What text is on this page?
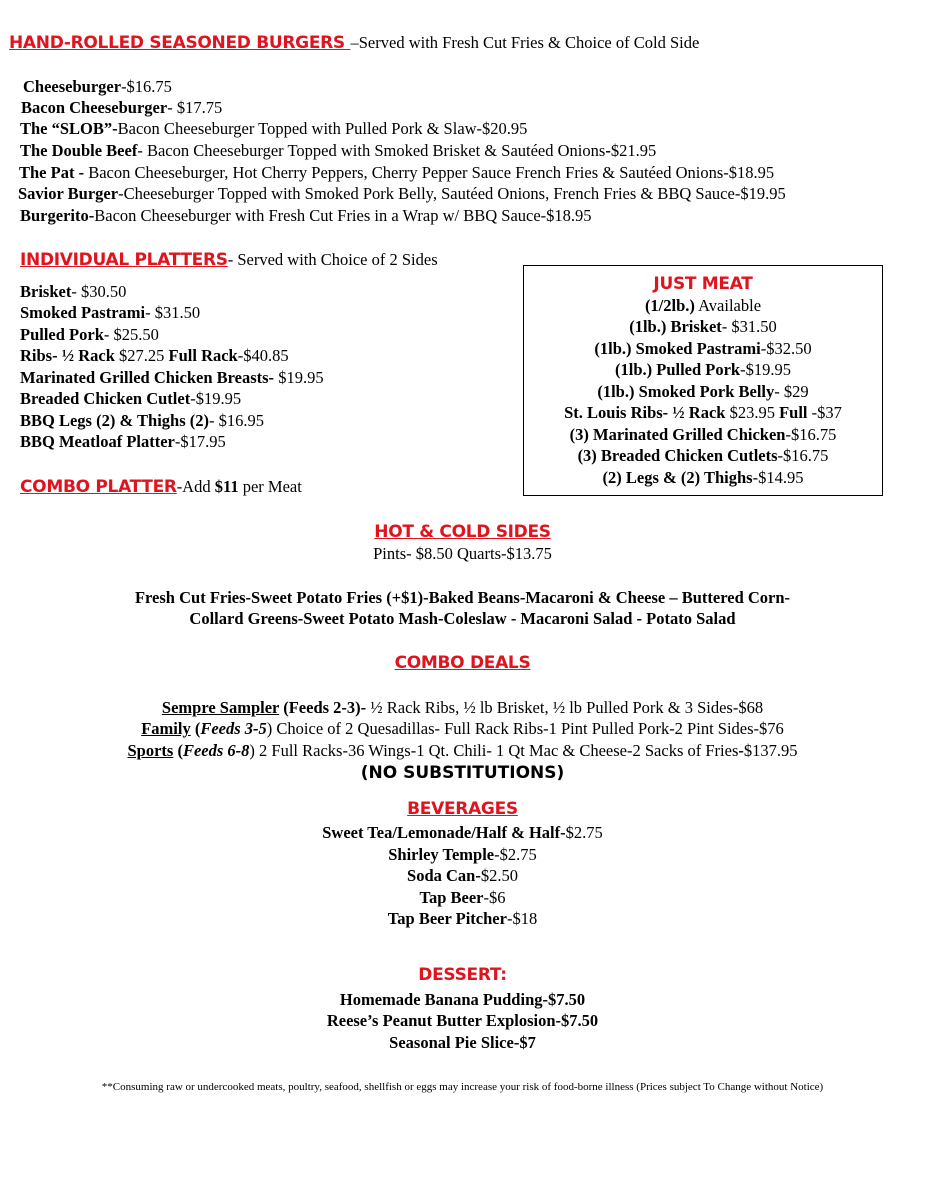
HAND-ROLLED SEASONED BURGERS –Served with Fresh Cut Fries & Choice of Cold Side
Cheeseburger-$16.75
Bacon Cheeseburger- $17.75
The “SLOB”-Bacon Cheeseburger Topped with Pulled Pork & Slaw-$20.95
The Double Beef- Bacon Cheeseburger Topped with Smoked Brisket & Sautéed Onions-$21.95
The Pat - Bacon Cheeseburger, Hot Cherry Peppers, Cherry Pepper Sauce French Fries & Sautéed Onions-$18.95
Savior Burger-Cheeseburger Topped with Smoked Pork Belly, Sautéed Onions, French Fries & BBQ Sauce-$19.95
Burgerito-Bacon Cheeseburger with Fresh Cut Fries in a Wrap w/ BBQ Sauce-$18.95
INDIVIDUAL PLATTERS- Served with Choice of 2 Sides
Brisket- $30.50
Smoked Pastrami- $31.50
Pulled Pork- $25.50
Ribs- ½ Rack $27.25 Full Rack-$40.85
Marinated Grilled Chicken Breasts- $19.95
Breaded Chicken Cutlet-$19.95
BBQ Legs (2) & Thighs (2)- $16.95
BBQ Meatloaf Platter-$17.95
COMBO PLATTER-Add $11 per Meat
JUST MEAT
(1/2lb.) Available
(1lb.) Brisket- $31.50
(1lb.) Smoked Pastrami-$32.50
(1lb.) Pulled Pork-$19.95
(1lb.) Smoked Pork Belly- $29
St. Louis Ribs- ½ Rack $23.95 Full -$37
(3) Marinated Grilled Chicken-$16.75
(3) Breaded Chicken Cutlets-$16.75
(2) Legs & (2) Thighs-$14.95
HOT & COLD SIDES
Pints- $8.50 Quarts-$13.75
Fresh Cut Fries-Sweet Potato Fries (+$1)-Baked Beans-Macaroni & Cheese – Buttered Corn-
Collard Greens-Sweet Potato Mash-Coleslaw - Macaroni Salad - Potato Salad
COMBO DEALS
Sempre Sampler (Feeds 2-3)- ½ Rack Ribs, ½ lb Brisket, ½ lb Pulled Pork & 3 Sides-$68
Family (Feeds 3-5) Choice of 2 Quesadillas- Full Rack Ribs-1 Pint Pulled Pork-2 Pint Sides-$76
Sports (Feeds 6-8) 2 Full Racks-36 Wings-1 Qt. Chili- 1 Qt Mac & Cheese-2 Sacks of Fries-$137.95
(NO SUBSTITUTIONS)
BEVERAGES
Sweet Tea/Lemonade/Half & Half-$2.75
Shirley Temple-$2.75
Soda Can-$2.50
Tap Beer-$6
Tap Beer Pitcher-$18
DESSERT:
Homemade Banana Pudding-$7.50
Reese’s Peanut Butter Explosion-$7.50
Seasonal Pie Slice-$7
**Consuming raw or undercooked meats, poultry, seafood, shellfish or eggs may increase your risk of food-borne illness (Prices subject To Change without Notice)
